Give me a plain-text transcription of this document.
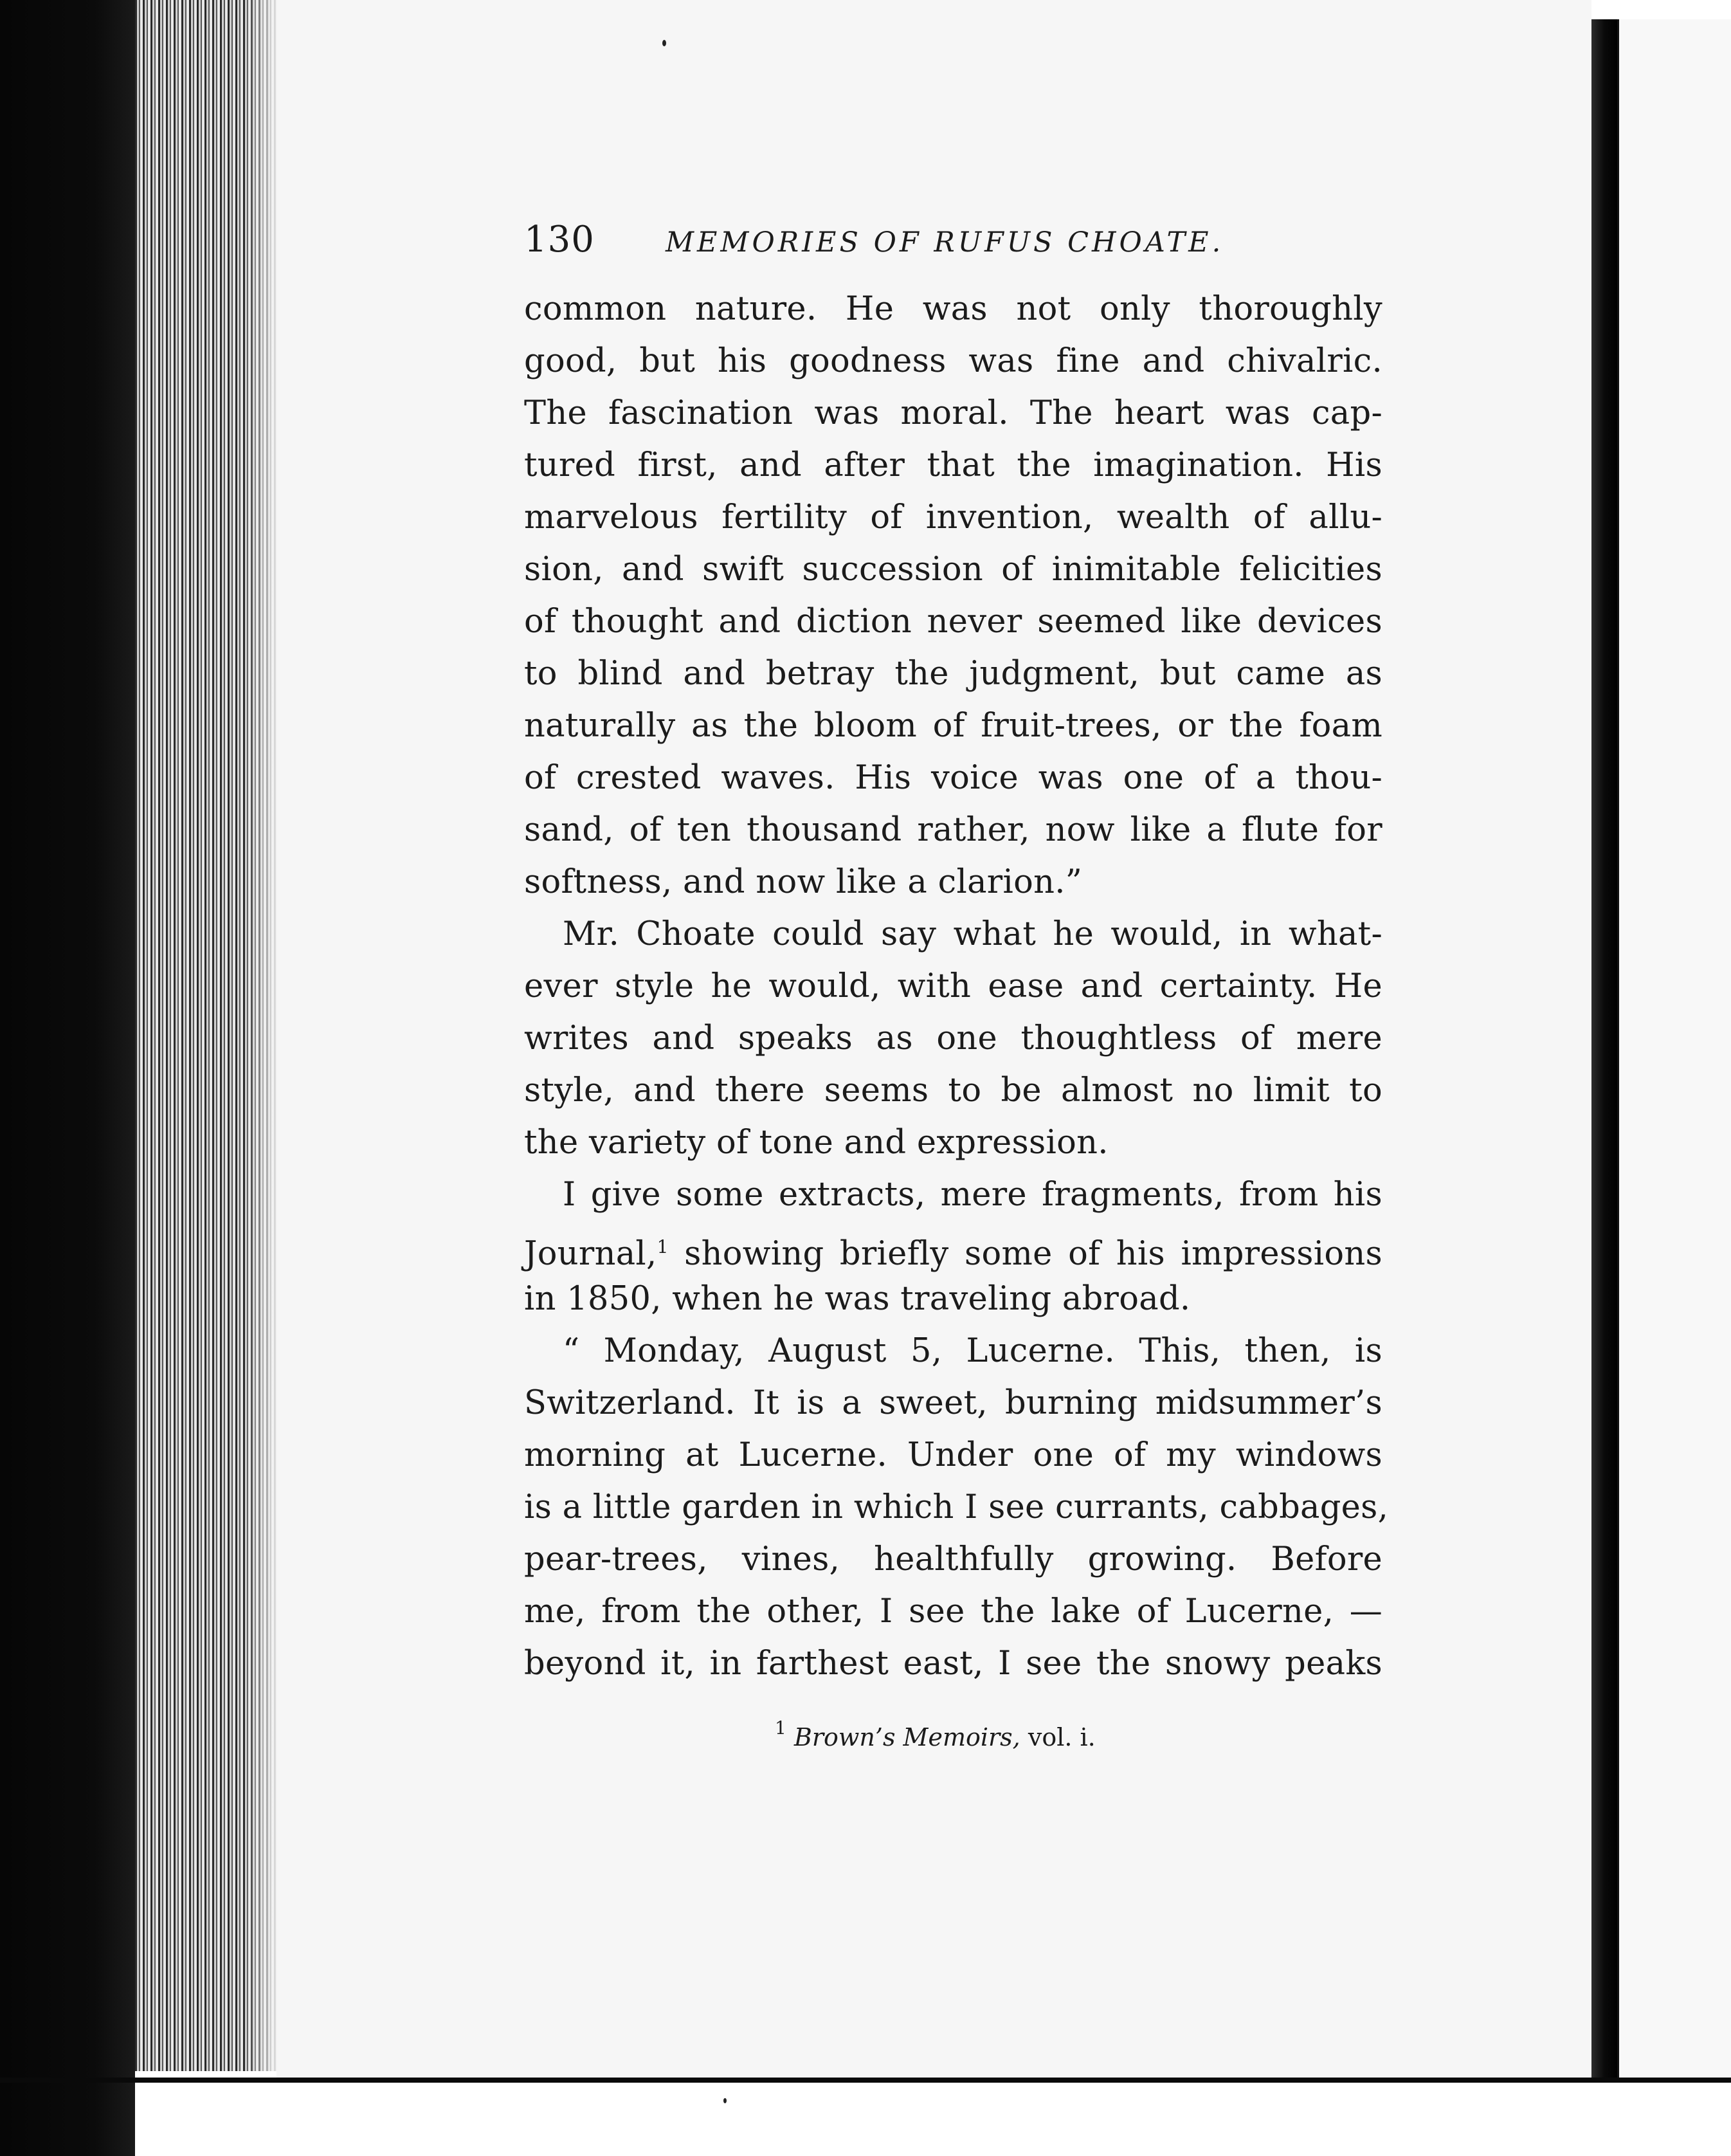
130	MEMORIES OF RUFUS CHOATE.
common nature. He was not only thoroughly
good, but his goodness was fine and chivalric.
The fascination was moral. The heart was cap-
tured first, and after that the imagination. His
marvelous fertility of invention, wealth of allu-
sion, and swift succession of inimitable felicities
of thought and diction never seemed like devices
to blind and betray the judgment, but came as
naturally as the bloom of fruit-trees, or the foam
of crested waves. His voice was one of a thou-
sand, of ten thousand rather, now like a flute for
softness, and now like a clarion.”
Mr. Choate could say what he would, in what-
ever style he would, with ease and certainty. He
writes and speaks as one thoughtless of mere
style, and there seems to be almost no limit to
the variety of tone and expression.
I give some extracts, mere fragments, from his
Journal,$^1$ showing briefly some of his impressions
in 1850, when he was traveling abroad.
“ Monday, August 5, Lucerne. This, then, is
Switzerland. It is a sweet, burning midsummer’s
morning at Lucerne. Under one of my windows
is a little garden in which I see currants, cabbages,
pear-trees, vines, healthfully growing. Before
me, from the other, I see the lake of Lucerne, —
beyond it, in farthest east, I see the snowy peaks
$^1$ Brown’s Memoirs, vol. i.
